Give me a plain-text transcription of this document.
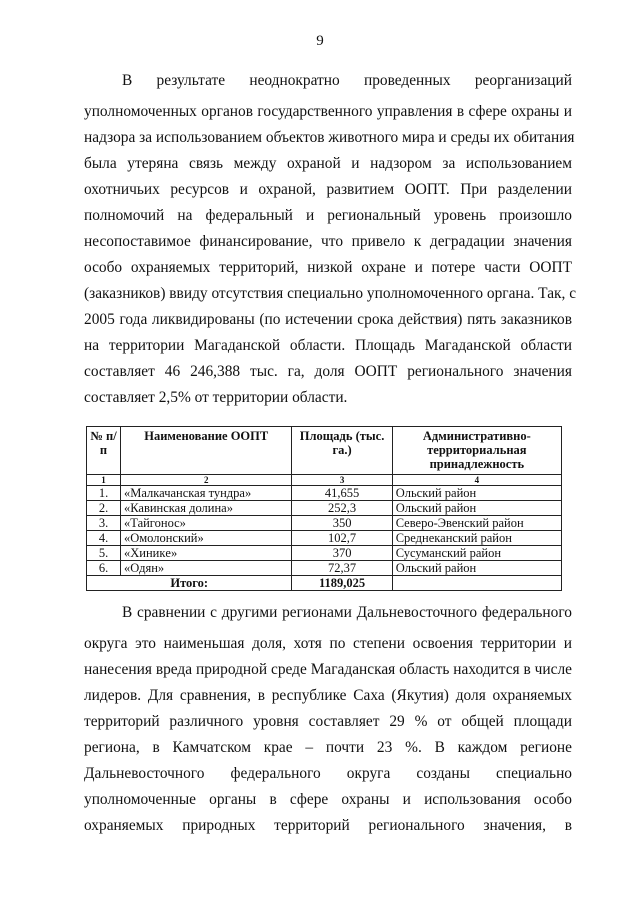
9
В результате неоднократно проведенных реорганизаций
уполномоченных органов государственного управления в сфере охраны и
надзора за использованием объектов животного мира и среды их обитания
была утеряна связь между охраной и надзором за использованием
охотничьих ресурсов и охраной, развитием ООПТ. При разделении
полномочий на федеральный и региональный уровень произошло
несопоставимое финансирование, что привело к деградации значения
особо охраняемых территорий, низкой охране и потере части ООПТ
(заказников) ввиду отсутствия специально уполномоченного органа. Так, с
2005 года ликвидированы (по истечении срока действия) пять заказников
на территории Магаданской области. Площадь Магаданской области
составляет 46 246,388 тыс. га, доля ООПТ регионального значения
составляет 2,5% от территории области.
№ п/п	Наименование ООПТ	Площадь (тыс. га.)	Административно-территориальная принадлежность
1	2	3	4
1.	«Малкачанская тундра»	41,655	Ольский район
2.	«Кавинская долина»	252,3	Ольский район
3.	«Тайгонос»	350	Северо-Эвенский район
4.	«Омолонский»	102,7	Среднеканский район
5.	«Хиникe»	370	Сусуманский район
6.	«Одян»	72,37	Ольский район
Итого:		1189,025	
В сравнении с другими регионами Дальневосточного федерального
округа это наименьшая доля, хотя по степени освоения территории и
нанесения вреда природной среде Магаданская область находится в числе
лидеров. Для сравнения, в республике Саха (Якутия) доля охраняемых
территорий различного уровня составляет 29 % от общей площади
региона, в Камчатском крае – почти 23 %. В каждом регионе
Дальневосточного федерального округа созданы специально
уполномоченные органы в сфере охраны и использования особо
охраняемых природных территорий регионального значения, в
